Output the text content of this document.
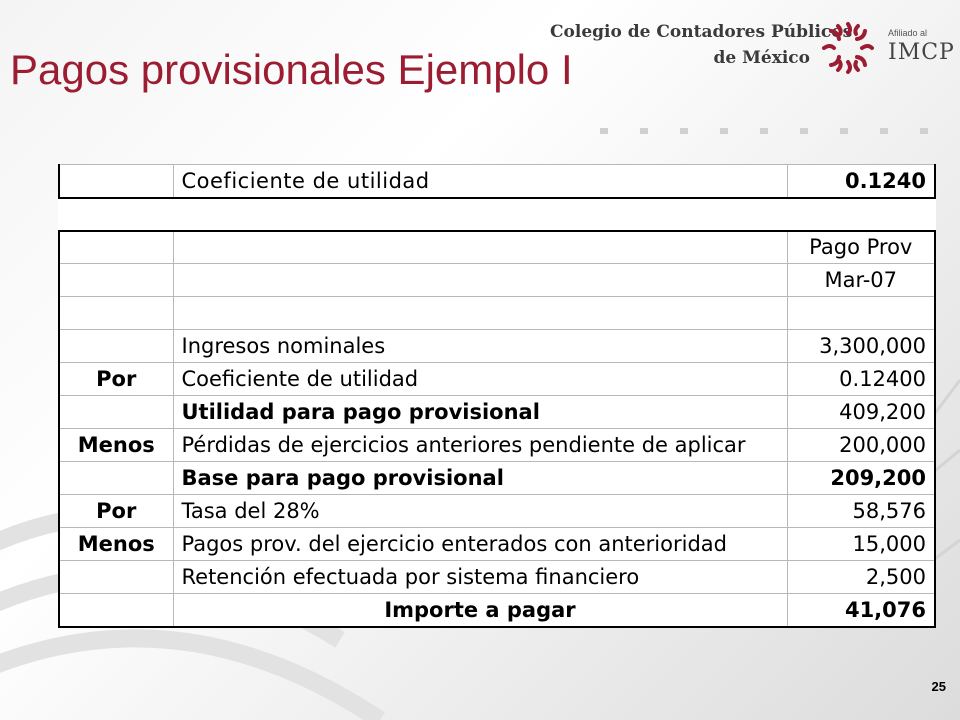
Pagos provisionales Ejemplo I
Colegio de Contadores Públicos
de México
Afiliado al
IMCP
	Coeficiente de utilidad	0.1240

		Pago Prov
		Mar-07

	Ingresos nominales	3,300,000
Por	Coeficiente de utilidad	0.12400
	Utilidad para pago provisional	409,200
Menos	Pérdidas de ejercicios anteriores pendiente de aplicar	200,000
	Base para pago provisional	209,200
Por	Tasa del 28%	58,576
Menos	Pagos prov. del ejercicio enterados con anterioridad	15,000
	Retención efectuada por sistema financiero	2,500
	Importe a pagar	41,076
25
